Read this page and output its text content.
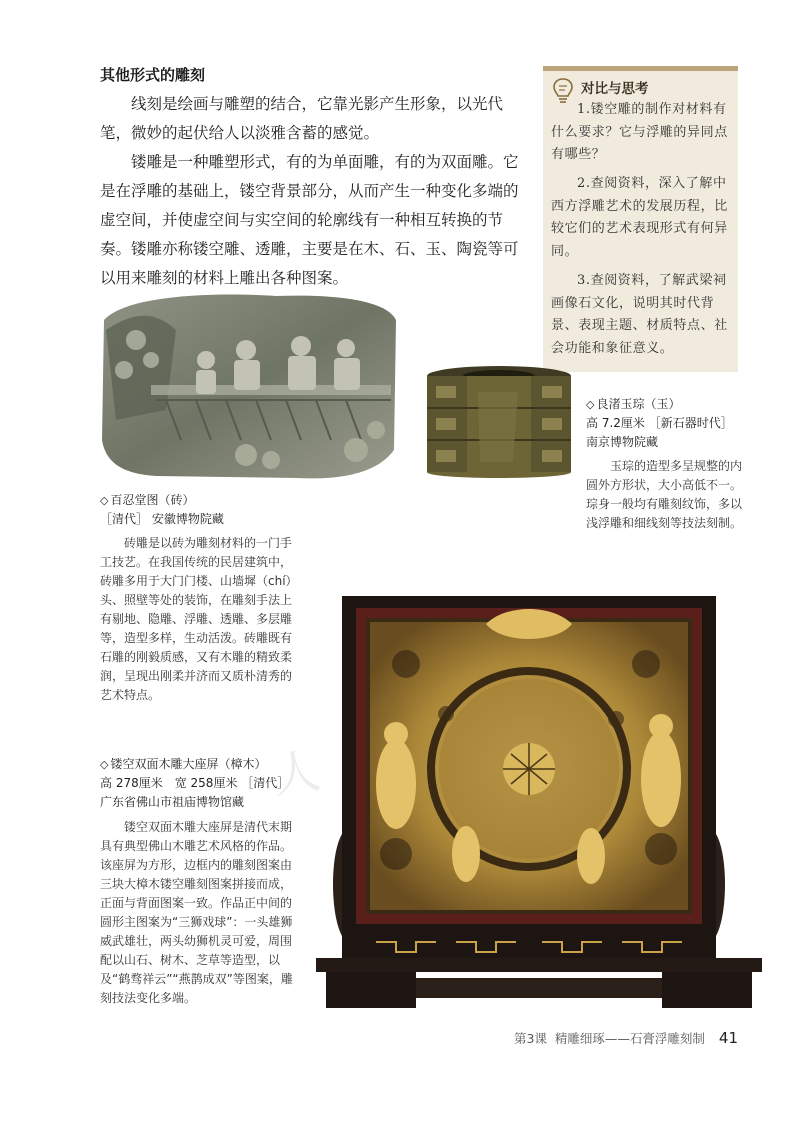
其他形式的雕刻

线刻是绘画与雕塑的结合，它靠光影产生形象，以光代笔，微妙的起伏给人以淡雅含蓄的感觉。

镂雕是一种雕塑形式，有的为单面雕，有的为双面雕。它是在浮雕的基础上，镂空背景部分，从而产生一种变化多端的虚空间，并使虚空间与实空间的轮廓线有一种相互转换的节奏。镂雕亦称镂空雕、透雕，主要是在木、石、玉、陶瓷等可以用来雕刻的材料上雕出各种图案。

对比与思考

1.镂空雕的制作对材料有什么要求？它与浮雕的异同点有哪些？

2.查阅资料，深入了解中西方浮雕艺术的发展历程，比较它们的艺术表现形式有何异同。

3.查阅资料，了解武梁祠画像石文化，说明其时代背景、表现主题、材质特点、社会功能和象征意义。

◇ 良渚玉琮（玉）
高 7.2厘米 ［新石器时代］
南京博物院藏

玉琮的造型多呈规整的内圆外方形状，大小高低不一。琮身一般均有雕刻纹饰，多以浅浮雕和细线刻等技法刻制。

◇ 百忍堂图（砖）
［清代］ 安徽博物院藏

砖雕是以砖为雕刻材料的一门手工技艺。在我国传统的民居建筑中，砖雕多用于大门门楼、山墙墀（chí）头、照壁等处的装饰，在雕刻手法上有剔地、隐雕、浮雕、透雕、多层雕等，造型多样，生动活泼。砖雕既有石雕的刚毅质感，又有木雕的精致柔润，呈现出刚柔并济而又质朴清秀的艺术特点。

人
◇ 镂空双面木雕大座屏（樟木）
高 278厘米　宽 258厘米 ［清代］
广东省佛山市祖庙博物馆藏

镂空双面木雕大座屏是清代末期具有典型佛山木雕艺术风格的作品。该座屏为方形，边框内的雕刻图案由三块大樟木镂空雕刻图案拼接而成，正面与背面图案一致。作品正中间的圆形主图案为“三狮戏球”：一头雄狮威武雄壮，两头幼狮机灵可爱，周围配以山石、树木、芝草等造型，以及“鹤骛祥云”“燕鹊成双”等图案，雕刻技法变化多端。

第3课 精雕细琢——石膏浮雕刻制 41
